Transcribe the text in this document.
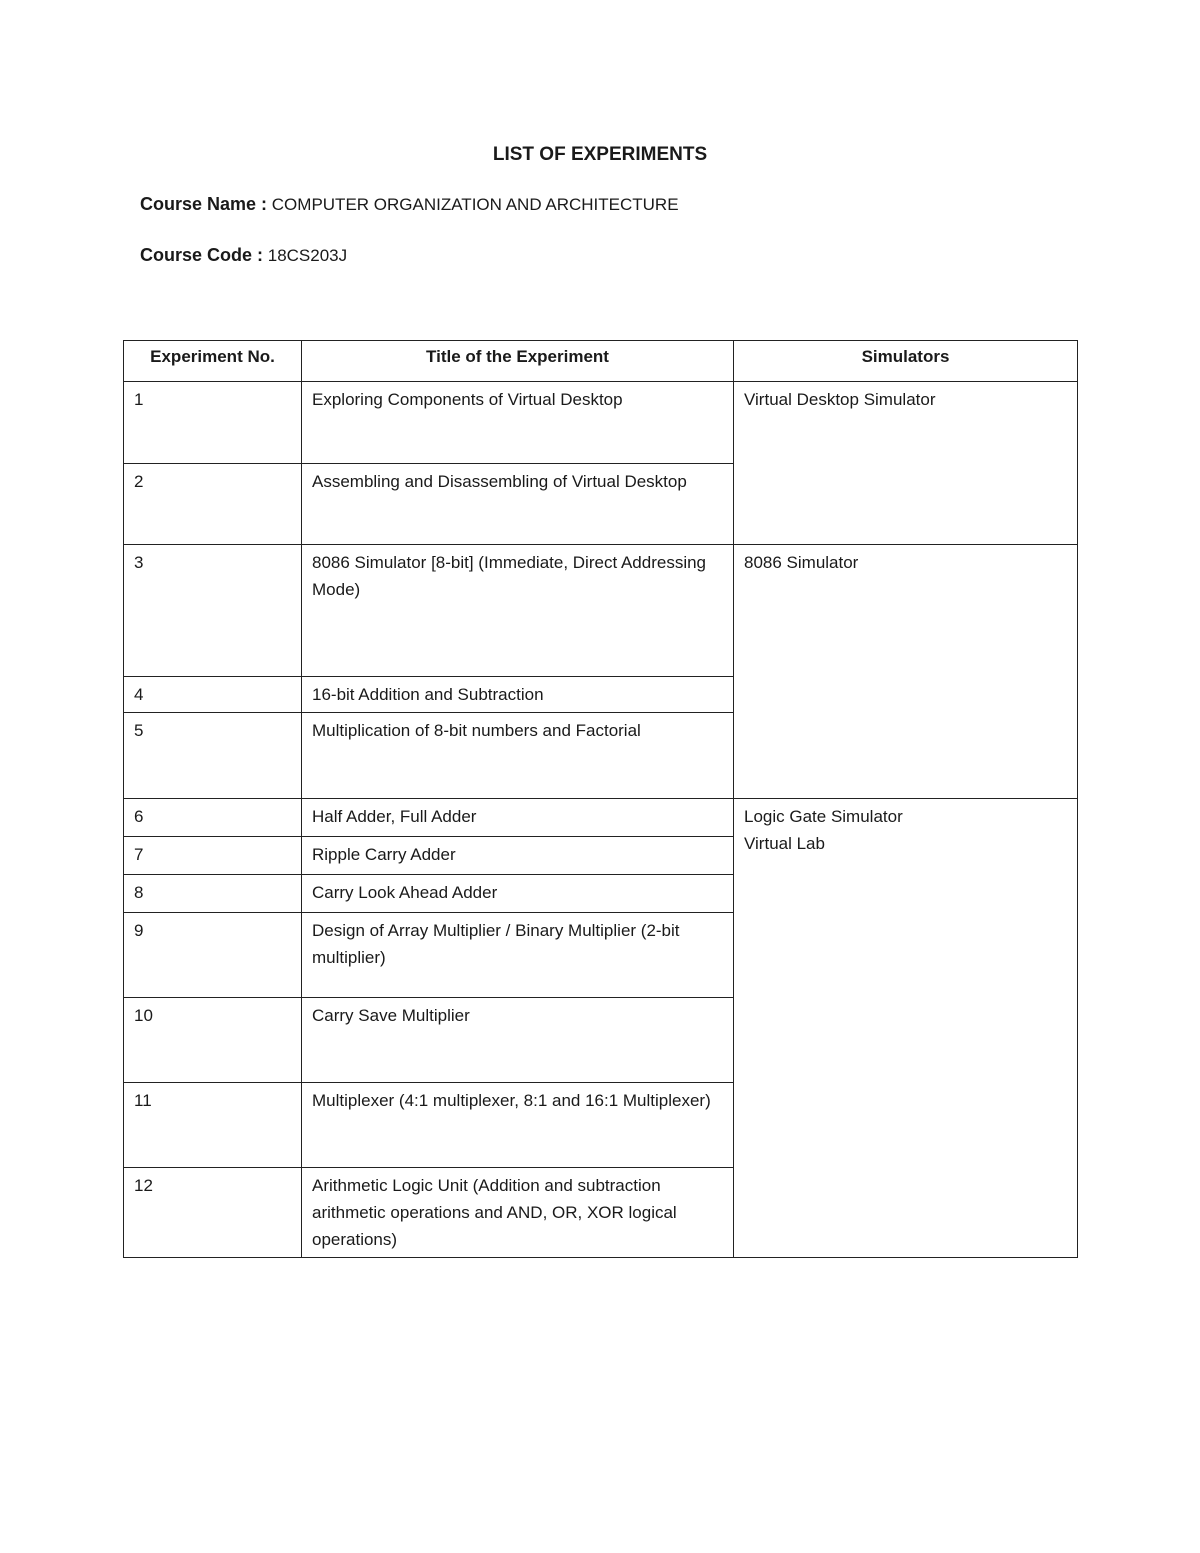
LIST OF EXPERIMENTS
Course Name : COMPUTER ORGANIZATION AND ARCHITECTURE
Course Code : 18CS203J
Experiment No.	Title of the Experiment	Simulators
1	Exploring Components of Virtual Desktop	Virtual Desktop Simulator
2	Assembling and Disassembling of Virtual Desktop	
3	8086 Simulator [8-bit] (Immediate, Direct Addressing Mode)	8086 Simulator
4	16-bit Addition and Subtraction	
5	Multiplication of 8-bit numbers and Factorial	
6	Half Adder, Full Adder	Logic Gate Simulator
Virtual Lab

7	Ripple Carry Adder	
8	Carry Look Ahead Adder	
9	Design of Array Multiplier / Binary Multiplier (2-bit multiplier)	
10	Carry Save Multiplier	
11	Multiplexer (4:1 multiplexer, 8:1 and 16:1 Multiplexer)	
12	Arithmetic Logic Unit (Addition and subtraction arithmetic operations and AND, OR, XOR logical operations)	
